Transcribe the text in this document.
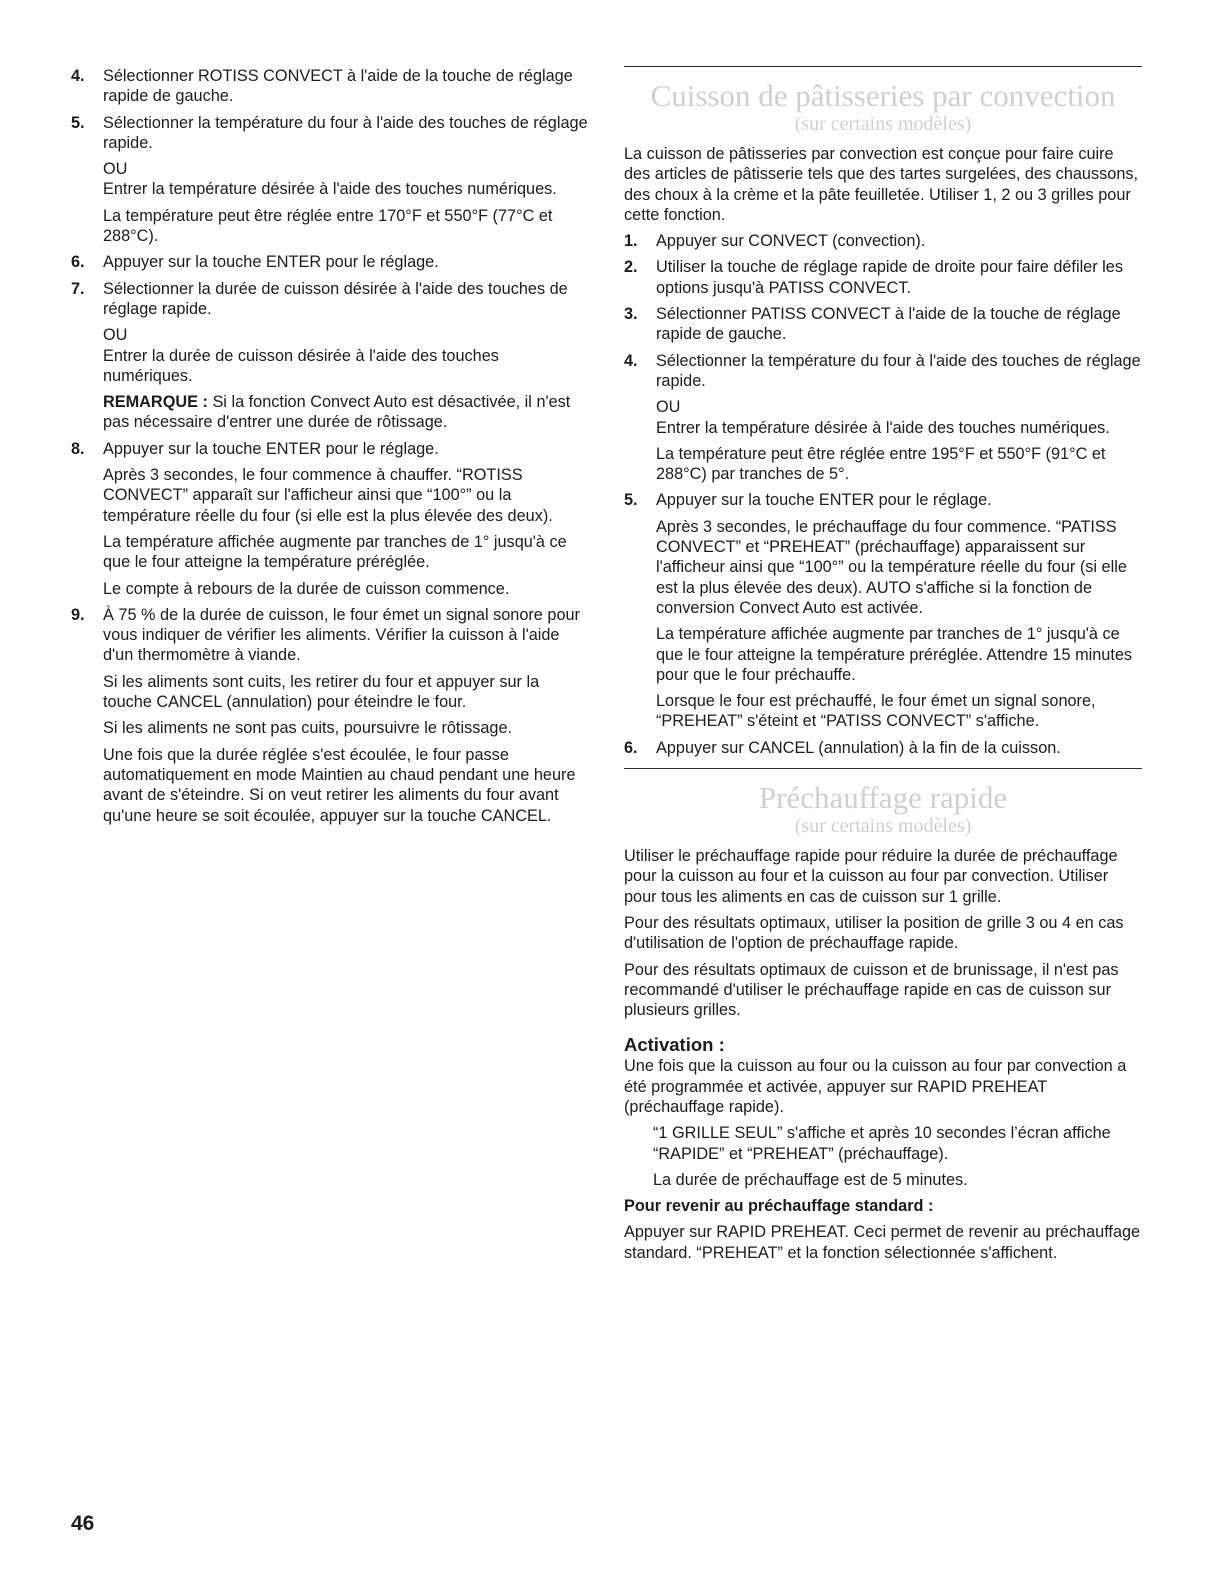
4. Sélectionner ROTISS CONVECT à l'aide de la touche de réglage rapide de gauche.
5. Sélectionner la température du four à l'aide des touches de réglage rapide.
OU
Entrer la température désirée à l'aide des touches numériques.
La température peut être réglée entre 170°F et 550°F (77°C et 288°C).
6. Appuyer sur la touche ENTER pour le réglage.
7. Sélectionner la durée de cuisson désirée à l'aide des touches de réglage rapide.
OU
Entrer la durée de cuisson désirée à l'aide des touches numériques.
REMARQUE : Si la fonction Convect Auto est désactivée, il n'est pas nécessaire d'entrer une durée de rôtissage.
8. Appuyer sur la touche ENTER pour le réglage.
Après 3 secondes, le four commence à chauffer. “ROTISS CONVECT” apparaît sur l'afficheur ainsi que “100°” ou la température réelle du four (si elle est la plus élevée des deux).
La température affichée augmente par tranches de 1° jusqu'à ce que le four atteigne la température préréglée.
Le compte à rebours de la durée de cuisson commence.
9. À 75 % de la durée de cuisson, le four émet un signal sonore pour vous indiquer de vérifier les aliments. Vérifier la cuisson à l'aide d'un thermomètre à viande.
Si les aliments sont cuits, les retirer du four et appuyer sur la touche CANCEL (annulation) pour éteindre le four.
Si les aliments ne sont pas cuits, poursuivre le rôtissage.
Une fois que la durée réglée s'est écoulée, le four passe automatiquement en mode Maintien au chaud pendant une heure avant de s'éteindre. Si on veut retirer les aliments du four avant qu'une heure se soit écoulée, appuyer sur la touche CANCEL.
Cuisson de pâtisseries par convection
(sur certains modèles)
La cuisson de pâtisseries par convection est conçue pour faire cuire des articles de pâtisserie tels que des tartes surgelées, des chaussons, des choux à la crème et la pâte feuilletée. Utiliser 1, 2 ou 3 grilles pour cette fonction.
1. Appuyer sur CONVECT (convection).
2. Utiliser la touche de réglage rapide de droite pour faire défiler les options jusqu'à PATISS CONVECT.
3. Sélectionner PATISS CONVECT à l'aide de la touche de réglage rapide de gauche.
4. Sélectionner la température du four à l'aide des touches de réglage rapide.
OU
Entrer la température désirée à l'aide des touches numériques.
La température peut être réglée entre 195°F et 550°F (91°C et 288°C) par tranches de 5°.
5. Appuyer sur la touche ENTER pour le réglage.
Après 3 secondes, le préchauffage du four commence. “PATISS CONVECT” et “PREHEAT” (préchauffage) apparaissent sur l'afficheur ainsi que “100°” ou la température réelle du four (si elle est la plus élevée des deux). AUTO s'affiche si la fonction de conversion Convect Auto est activée.
La température affichée augmente par tranches de 1° jusqu'à ce que le four atteigne la température préréglée. Attendre 15 minutes pour que le four préchauffe.
Lorsque le four est préchauffé, le four émet un signal sonore, “PREHEAT” s'éteint et “PATISS CONVECT” s'affiche.
6. Appuyer sur CANCEL (annulation) à la fin de la cuisson.
Préchauffage rapide
(sur certains modèles)
Utiliser le préchauffage rapide pour réduire la durée de préchauffage pour la cuisson au four et la cuisson au four par convection. Utiliser pour tous les aliments en cas de cuisson sur 1 grille.
Pour des résultats optimaux, utiliser la position de grille 3 ou 4 en cas d'utilisation de l'option de préchauffage rapide.
Pour des résultats optimaux de cuisson et de brunissage, il n'est pas recommandé d'utiliser le préchauffage rapide en cas de cuisson sur plusieurs grilles.
Activation :
Une fois que la cuisson au four ou la cuisson au four par convection a été programmée et activée, appuyer sur RAPID PREHEAT (préchauffage rapide).
“1 GRILLE SEUL” s'affiche et après 10 secondes l’écran affiche “RAPIDE” et “PREHEAT” (préchauffage).
La durée de préchauffage est de 5 minutes.
Pour revenir au préchauffage standard :
Appuyer sur RAPID PREHEAT. Ceci permet de revenir au préchauffage standard. “PREHEAT” et la fonction sélectionnée s'affichent.
46
